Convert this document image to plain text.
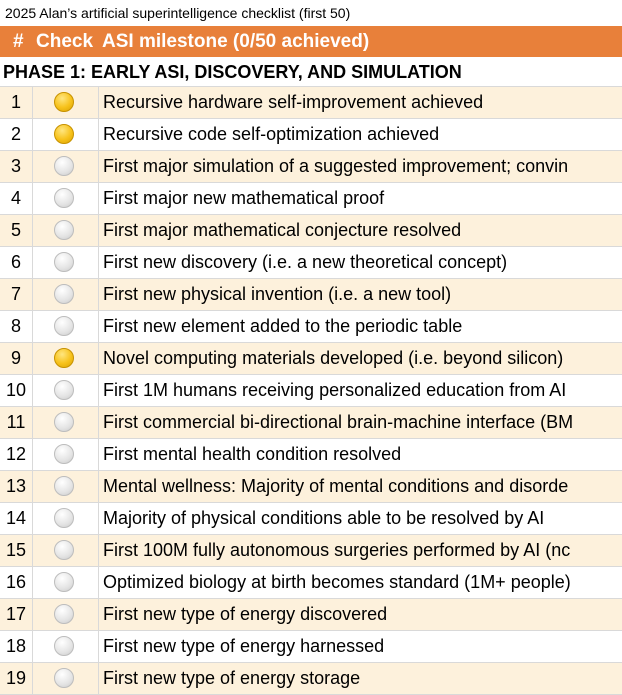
2025 Alan’s artificial superintelligence checklist (first 50)
# Check ASI milestone (0/50 achieved)
PHASE 1: EARLY ASI, DISCOVERY, AND SIMULATION
1	Recursive hardware self-improvement achieved
2	Recursive code self-optimization achieved
3	First major simulation of a suggested improvement; convin
4	First major new mathematical proof
5	First major mathematical conjecture resolved
6	First new discovery (i.e. a new theoretical concept)
7	First new physical invention (i.e. a new tool)
8	First new element added to the periodic table
9	Novel computing materials developed (i.e. beyond silicon)
10	First 1M humans receiving personalized education from AI
11	First commercial bi-directional brain-machine interface (BM
12	First mental health condition resolved
13	Mental wellness: Majority of mental conditions and disorde
14	Majority of physical conditions able to be resolved by AI
15	First 100M fully autonomous surgeries performed by AI (nc
16	Optimized biology at birth becomes standard (1M+ people)
17	First new type of energy discovered
18	First new type of energy harnessed
19	First new type of energy storage
